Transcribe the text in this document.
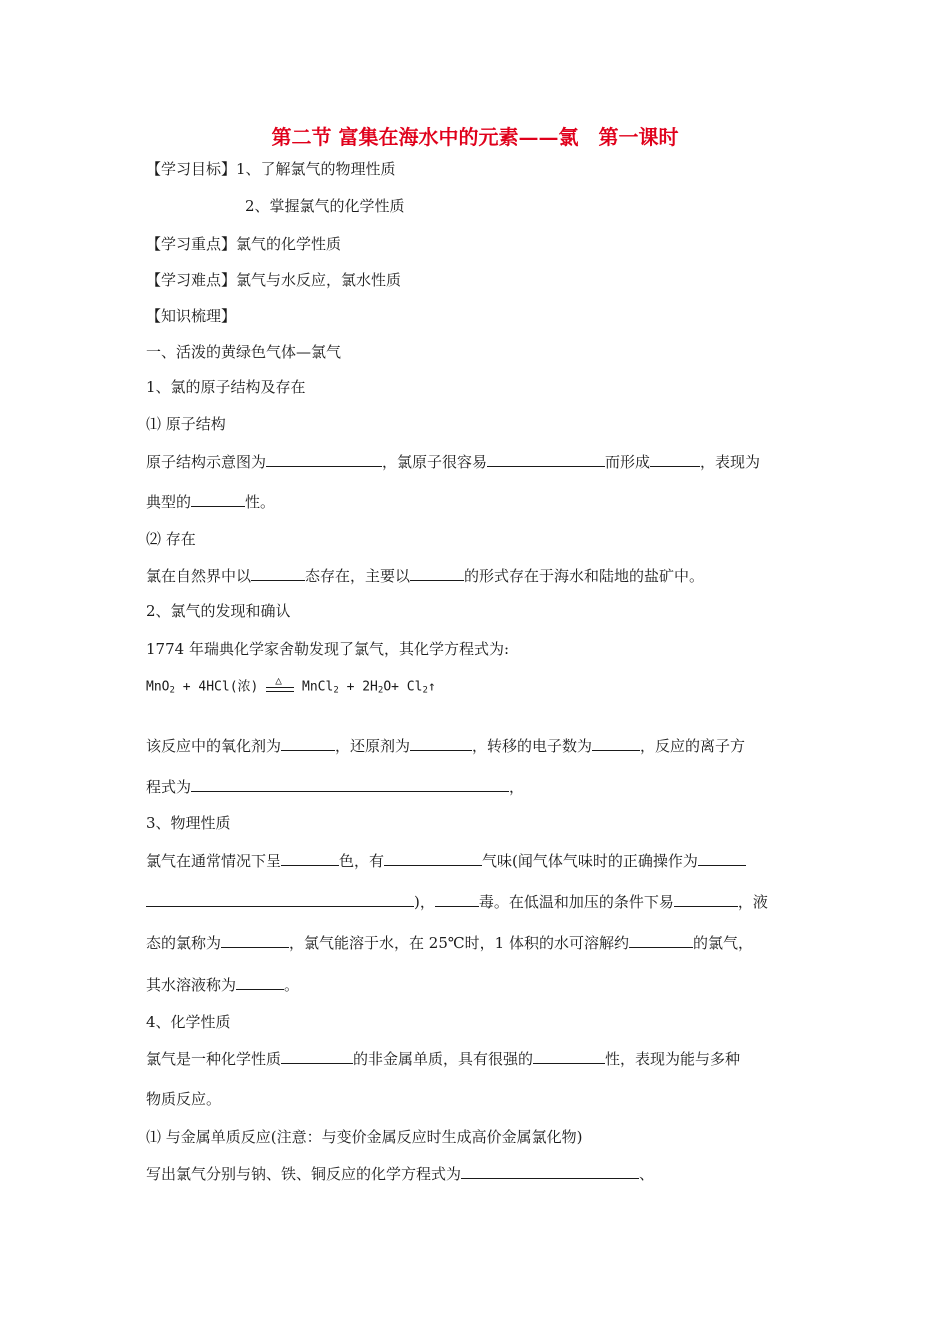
第二节 富集在海水中的元素——氯　第一课时
【学习目标】1、了解氯气的物理性质
2、掌握氯气的化学性质
【学习重点】氯气的化学性质
【学习难点】氯气与水反应，氯水性质
【知识梳理】
一、活泼的黄绿色气体—氯气
1、氯的原子结构及存在
⑴ 原子结构
原子结构示意图为	，氯原子很容易	而形成	，表现为
典型的	性。
⑵ 存在
氯在自然界中以	态存在，主要以	的形式存在于海水和陆地的盐矿中。
2、氯气的发现和确认
1774 年瑞典化学家舍勒发现了氯气，其化学方程式为:
MnO$_2$ + 4HCl(浓) △ MnCl$_2$ + $2H_2O+$ $Cl_2↑$
该反应中的氧化剂为	，还原剂为	，转移的电子数为	，反应的离子方
程式为	，
3、物理性质
氯气在通常情况下呈	色，有	气味(闻气体气味时的正确操作为
)，	毒。在低温和加压的条件下易	，液
态的氯称为	，氯气能溶于水，在 25℃时，1 体积的水可溶解约	的氯气，
其水溶液称为	。
4、化学性质
氯气是一种化学性质	的非金属单质，具有很强的	性，表现为能与多种
物质反应。
⑴ 与金属单质反应(注意：与变价金属反应时生成高价金属氯化物)
写出氯气分别与钠、铁、铜反应的化学方程式为	、
